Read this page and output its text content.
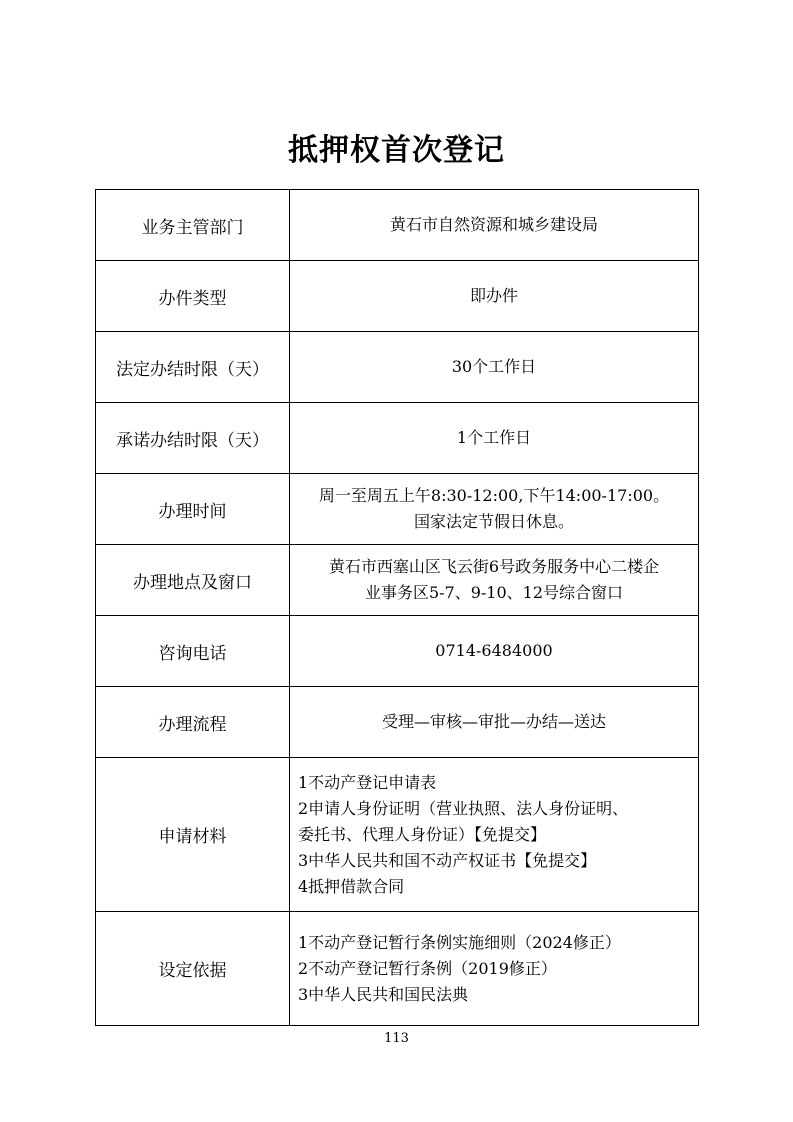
抵押权首次登记
业务主管部门	黄石市自然资源和城乡建设局

办件类型	即办件

法定办结时限（天）	30个工作日

承诺办结时限（天）	1个工作日

办理时间	周一至周五上午8:30-12:00,下午14:00-17:00。
国家法定节假日休息。

办理地点及窗口	黄石市西塞山区飞云街6号政务服务中心二楼企
业事务区5-7、9-10、12号综合窗口

咨询电话	0714-6484000

办理流程	受理—审核—审批—办结—送达

申请材料	1不动产登记申请表
2申请人身份证明（营业执照、法人身份证明、
委托书、代理人身份证）【免提交】
3中华人民共和国不动产权证书【免提交】
4抵押借款合同

设定依据	1不动产登记暂行条例实施细则（2024修正）
2不动产登记暂行条例（2019修正）
3中华人民共和国民法典
113
